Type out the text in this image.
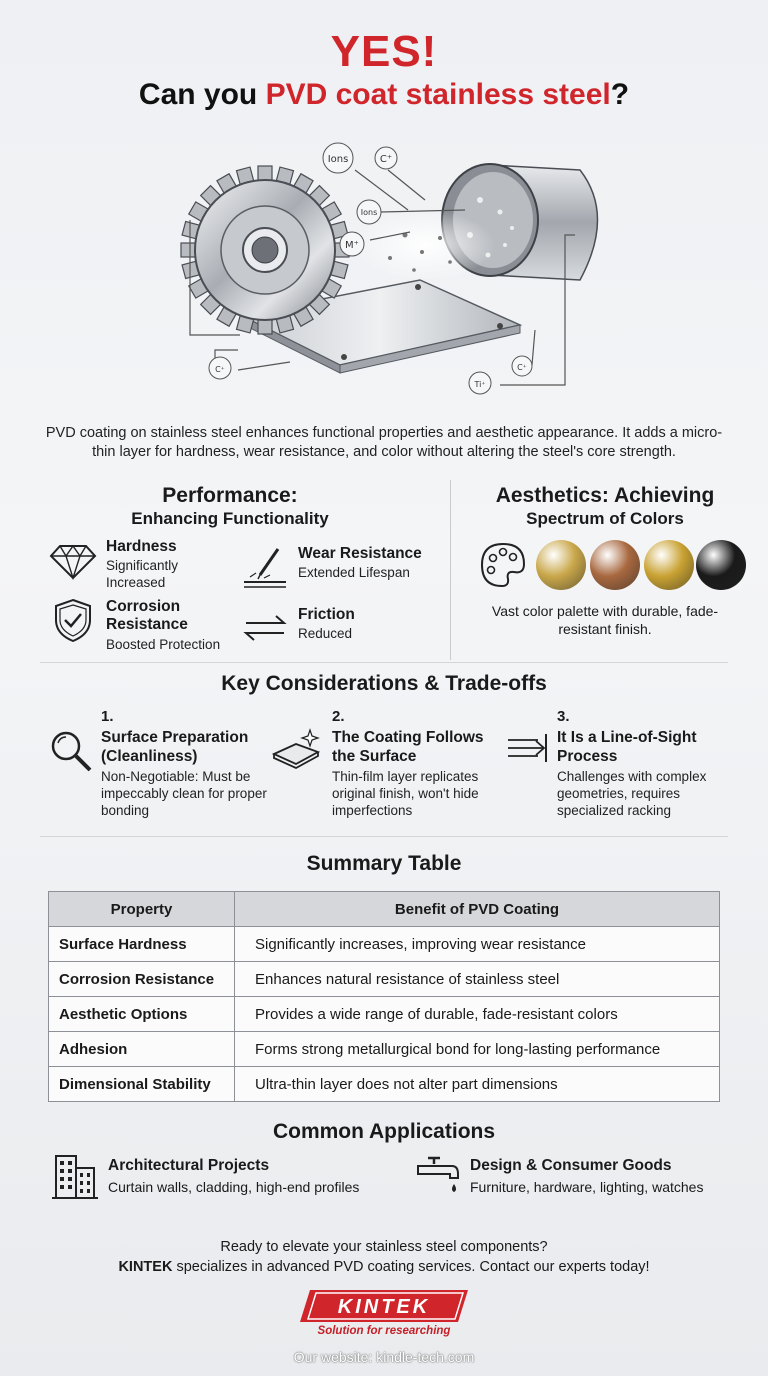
YES!
Can you PVD coat stainless steel?
Ions	C⁺
Ions
M⁺
C⁺	C⁺
Ti⁺
PVD coating on stainless steel enhances functional properties and aesthetic appearance. It adds a micro-thin layer for hardness, wear resistance, and color without altering the steel's core strength.
Performance:
Enhancing Functionality
Hardness
Significantly Increased
Wear Resistance
Extended Lifespan
Corrosion Resistance
Boosted Protection
Friction
Reduced
Aesthetics: Achieving
Spectrum of Colors
Vast color palette with durable, fade-resistant finish.
Key Considerations & Trade-offs
1.
Surface Preparation (Cleanliness)
Non-Negotiable: Must be impeccably clean for proper bonding
2.
The Coating Follows the Surface
Thin-film layer replicates original finish, won't hide imperfections
3.
It Is a Line-of-Sight Process
Challenges with complex geometries, requires specialized racking
Summary Table
Property	Benefit of PVD Coating
Surface Hardness	Significantly increases, improving wear resistance
Corrosion Resistance	Enhances natural resistance of stainless steel
Aesthetic Options	Provides a wide range of durable, fade-resistant colors
Adhesion	Forms strong metallurgical bond for long-lasting performance
Dimensional Stability	Ultra-thin layer does not alter part dimensions
Common Applications
Architectural Projects
Curtain walls, cladding, high-end profiles
Design & Consumer Goods
Furniture, hardware, lighting, watches
Ready to elevate your stainless steel components?
KINTEK specializes in advanced PVD coating services. Contact our experts today!
KINTEK
Solution for researching
Our website: kindle-tech.com
